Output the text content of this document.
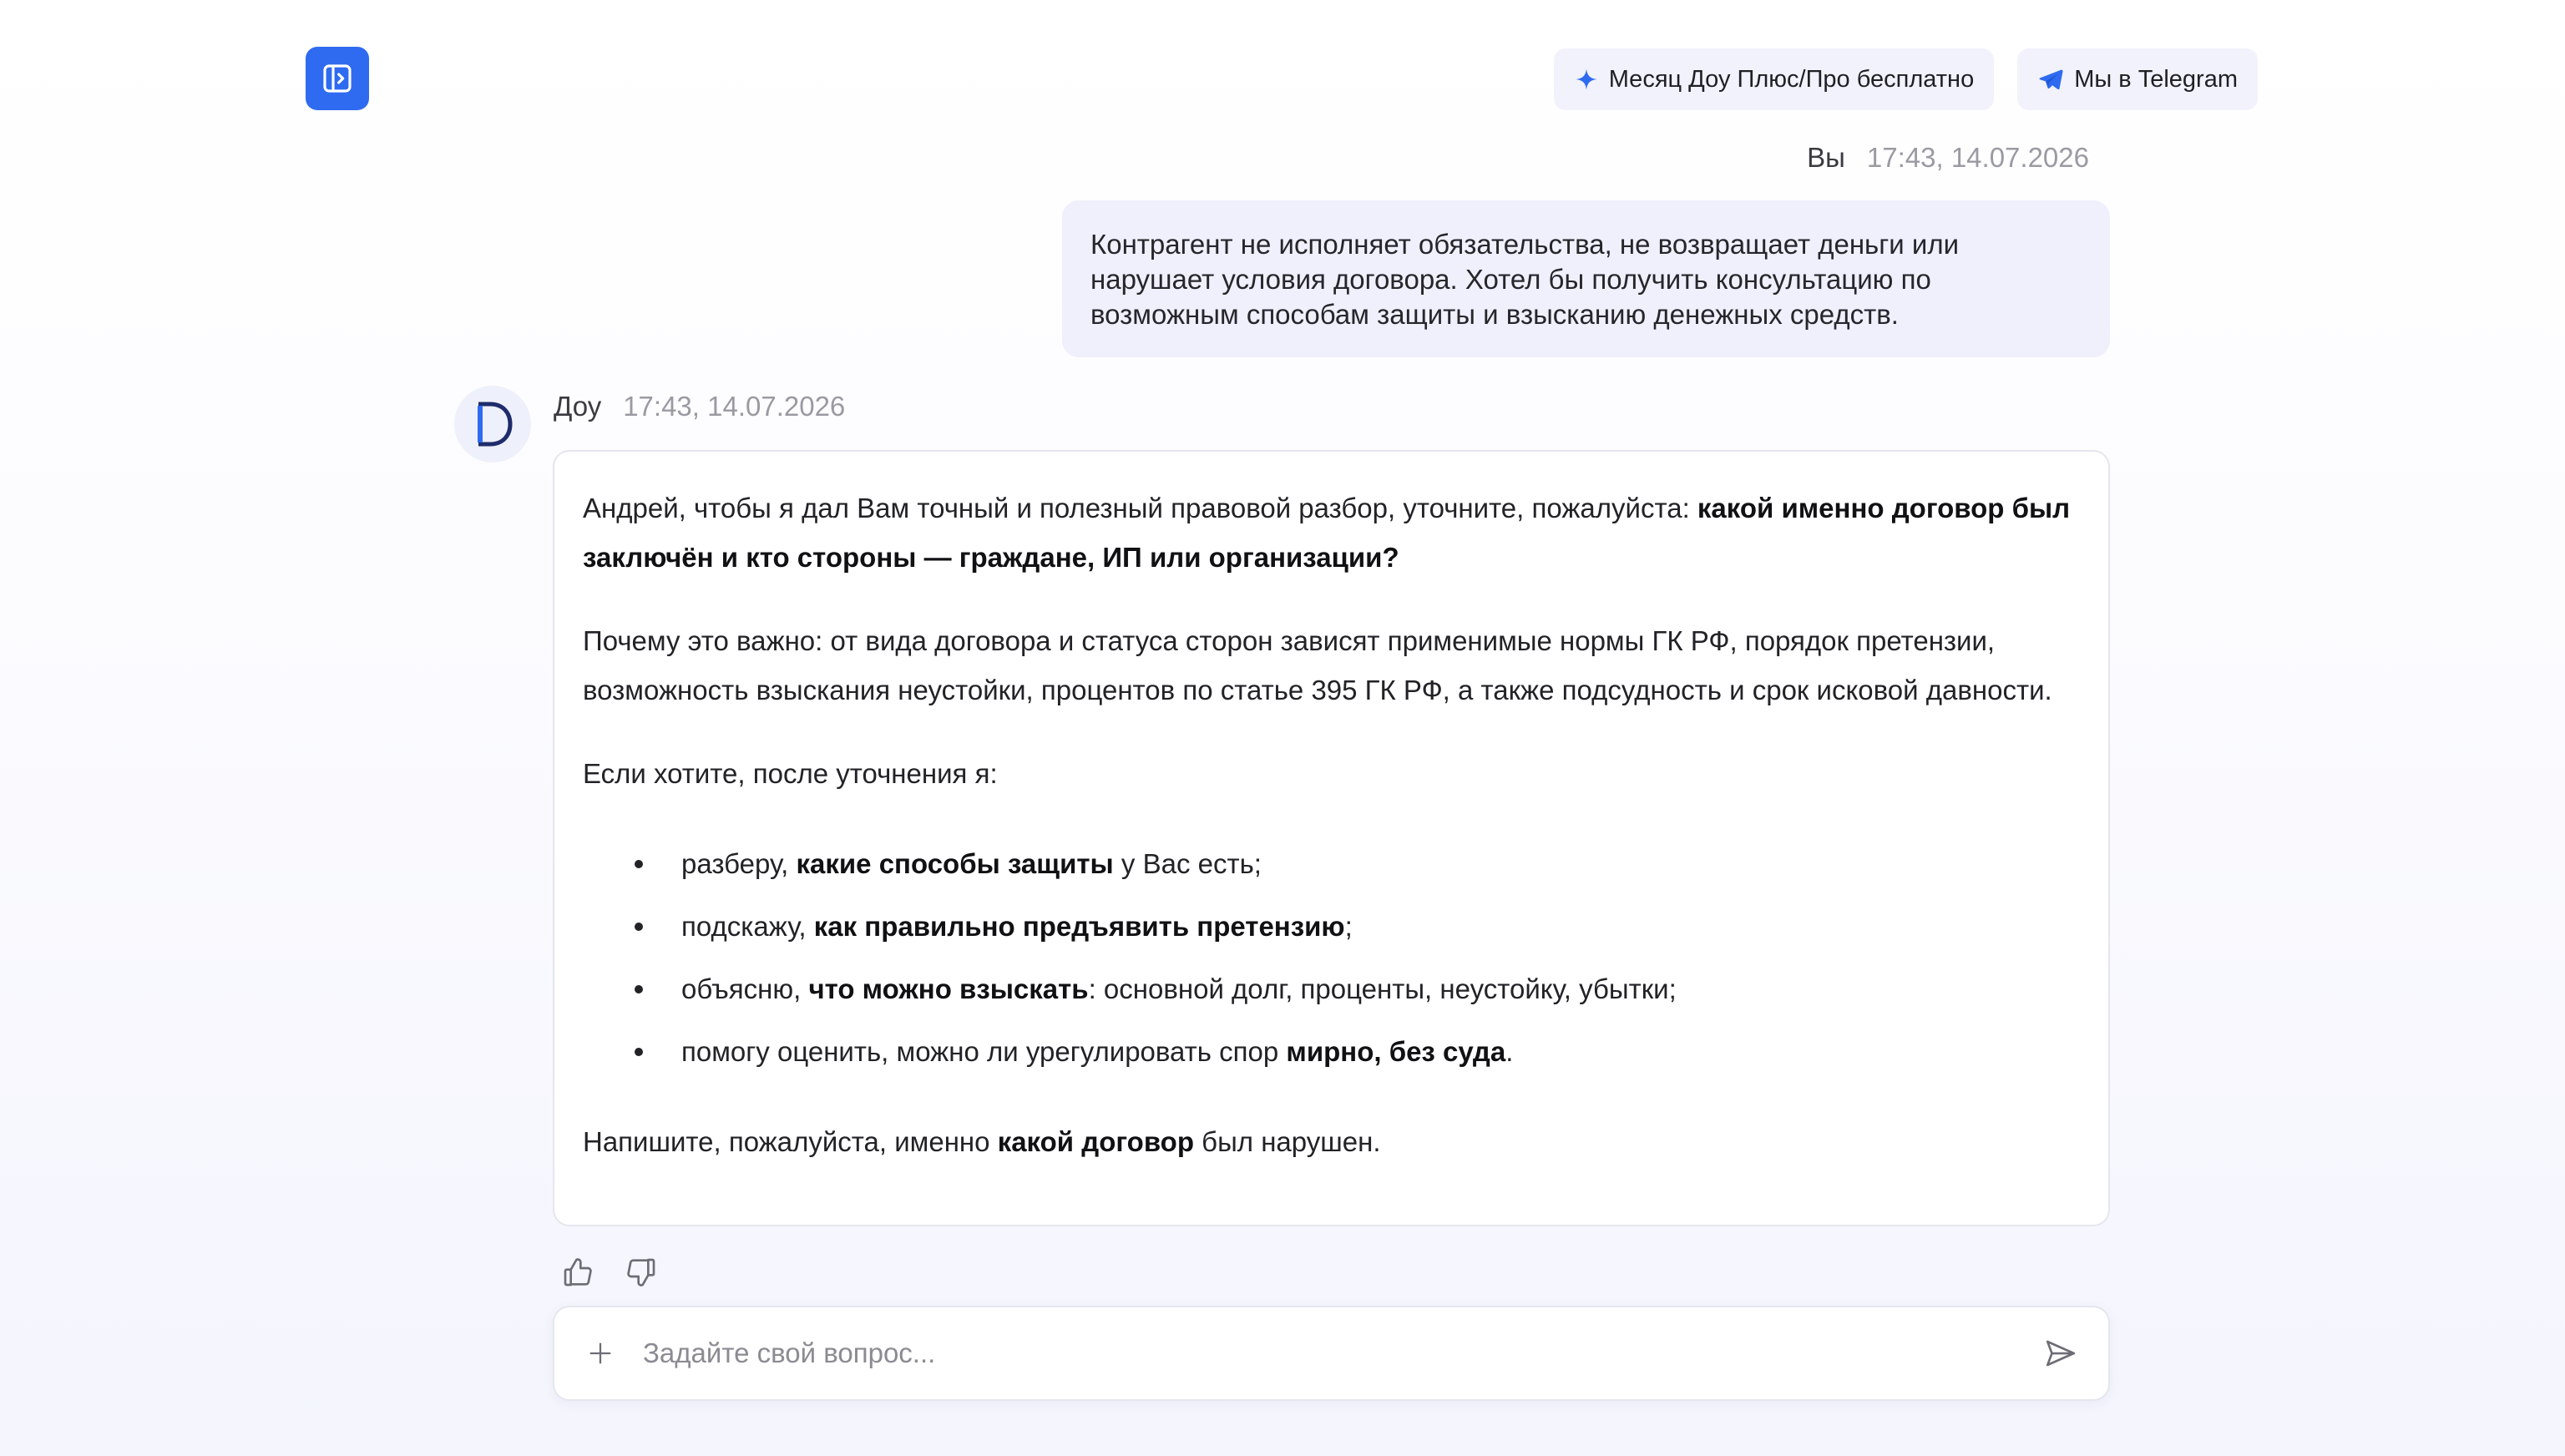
Месяц Доу Плюс/Про бесплатно	Мы в Telegram
Вы 17:43, 14.07.2026
Контрагент не исполняет обязательства, не возвращает деньги или нарушает условия договора. Хотел бы получить консультацию по возможным способам защиты и взысканию денежных средств.
Доу 17:43, 14.07.2026

Андрей, чтобы я дал Вам точный и полезный правовой разбор, уточните, пожалуйста: какой именно договор был заключён и кто стороны — граждане, ИП или организации?

Почему это важно: от вида договора и статуса сторон зависят применимые нормы ГК РФ, порядок претензии, возможность взыскания неустойки, процентов по статье 395 ГК РФ, а также подсудность и срок исковой давности.

Если хотите, после уточнения я:

разберу, какие способы защиты у Вас есть;
подскажу, как правильно предъявить претензию;
объясню, что можно взыскать: основной долг, проценты, неустойку, убытки;
помогу оценить, можно ли урегулировать спор мирно, без суда.

Напишите, пожалуйста, именно какой договор был нарушен.

Задайте свой вопрос...
